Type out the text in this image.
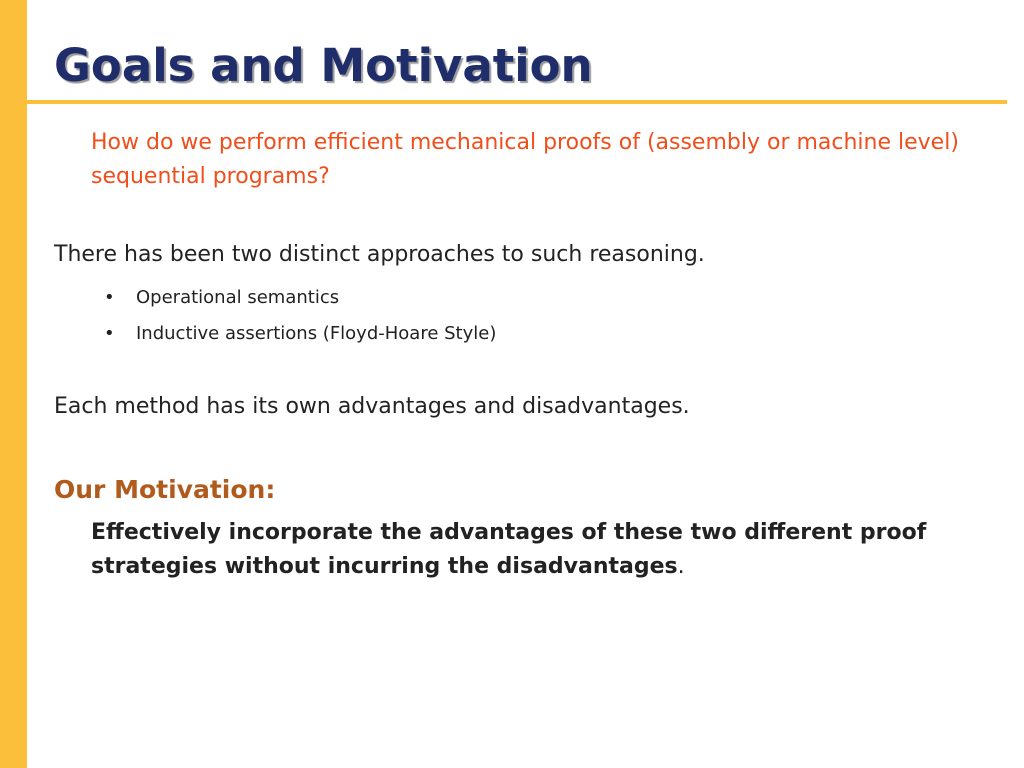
Goals and Motivation

How do we perform efficient mechanical proofs of (assembly or machine level) sequential programs?

There has been two distinct approaches to such reasoning.

•	Operational semantics
•	Inductive assertions (Floyd-Hoare Style)

Each method has its own advantages and disadvantages.

Our Motivation:

Effectively incorporate the advantages of these two different proof strategies without incurring the disadvantages.
